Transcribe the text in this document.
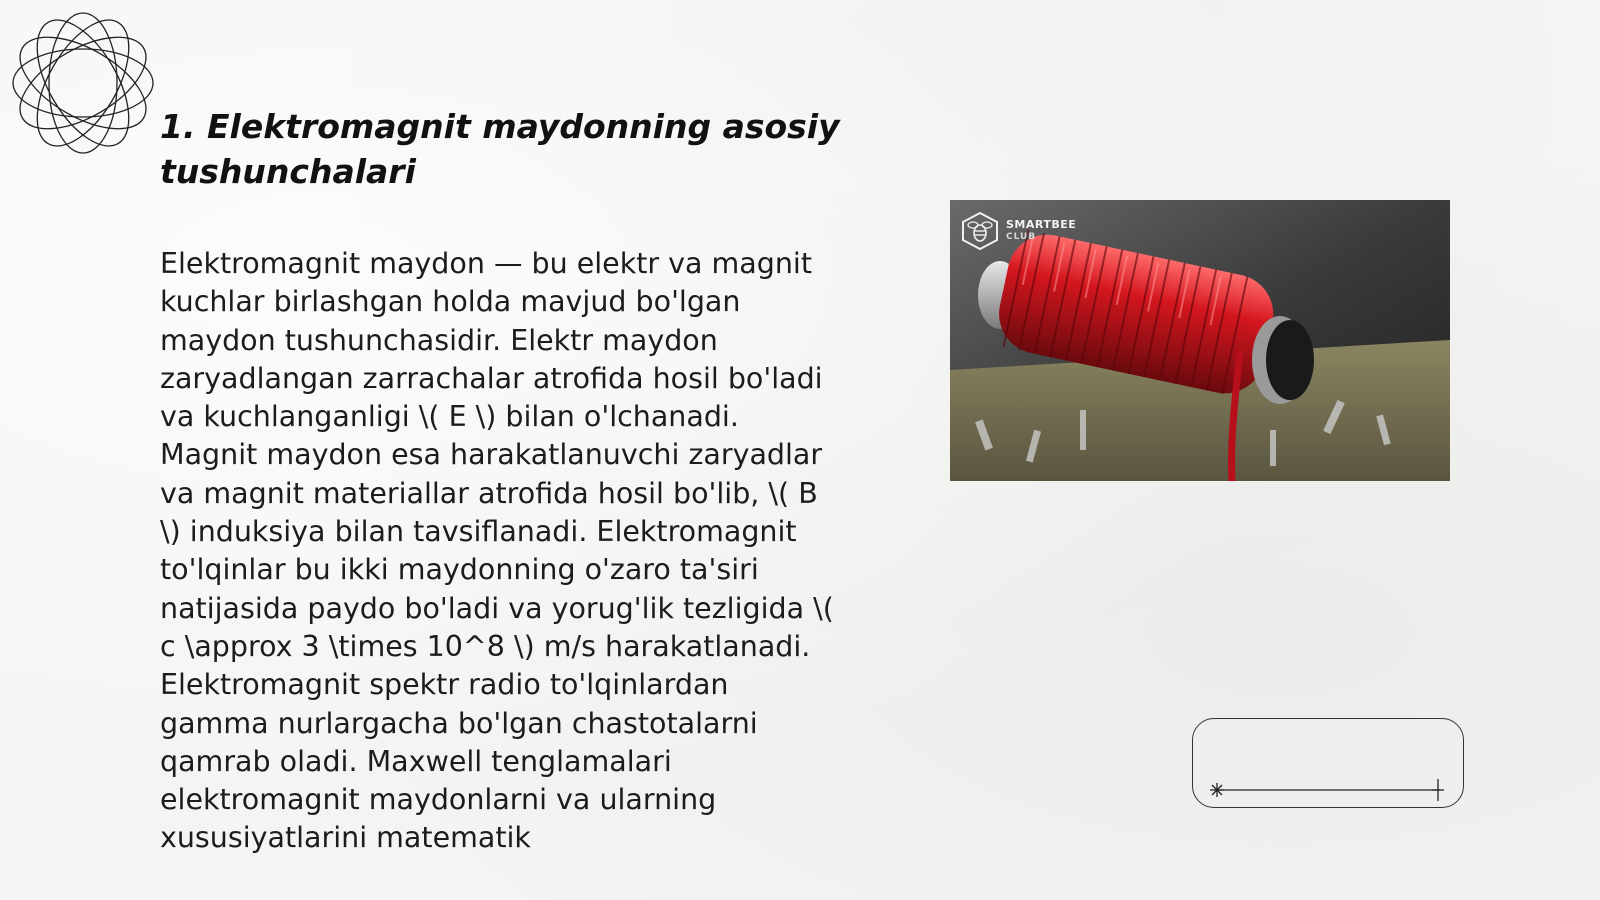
1. Elektromagnit maydonning asosiy tushunchalari

Elektromagnit maydon — bu elektr va magnit kuchlar birlashgan holda mavjud bo'lgan maydon tushunchasidir. Elektr maydon zaryadlangan zarrachalar atrofida hosil bo'ladi va kuchlanganligi \( E \) bilan o'lchanadi. Magnit maydon esa harakatlanuvchi zaryadlar va magnit materiallar atrofida hosil bo'lib, \( B \) induksiya bilan tavsiflanadi. Elektromagnit to'lqinlar bu ikki maydonning o'zaro ta'siri natijasida paydo bo'ladi va yorug'lik tezligida \( c \approx 3 \times 10^8 \) m/s harakatlanadi. Elektromagnit spektr radio to'lqinlardan gamma nurlargacha bo'lgan chastotalarni qamrab oladi. Maxwell tenglamalari elektromagnit maydonlarni va ularning xususiyatlarini matematik

SMARTBEE
CLUB
